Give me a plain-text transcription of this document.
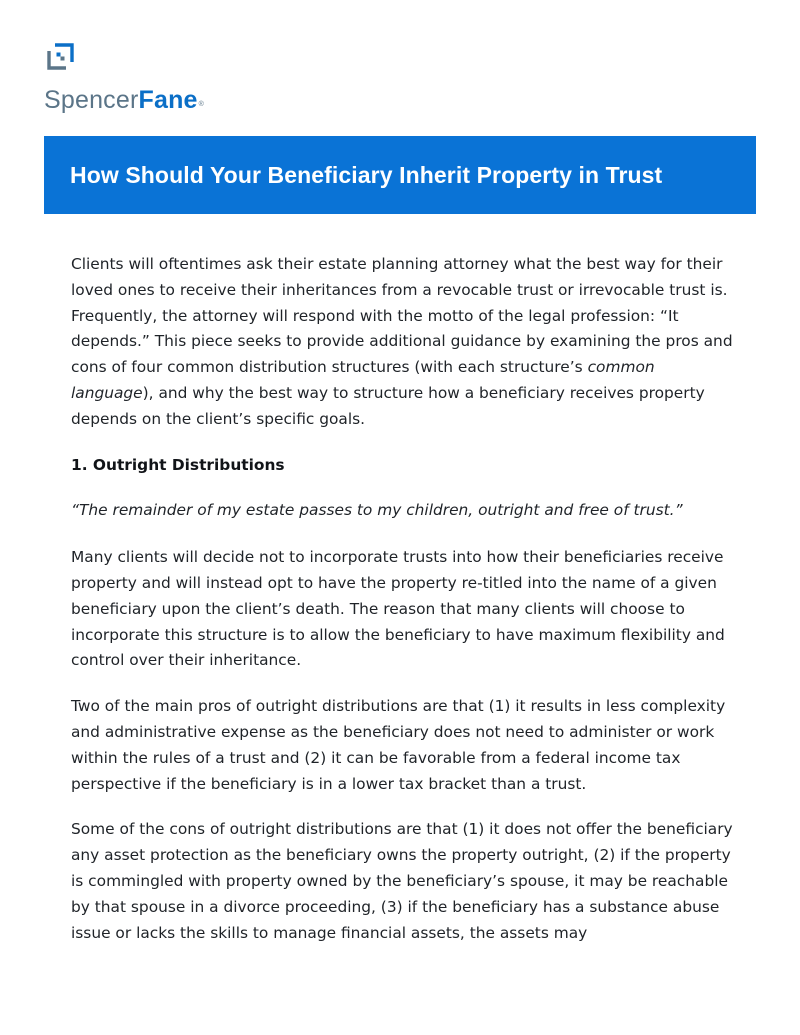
SpencerFane®
How Should Your Beneficiary Inherit Property in Trust

Clients will oftentimes ask their estate planning attorney what the best way for their loved ones to receive their inheritances from a revocable trust or irrevocable trust is. Frequently, the attorney will respond with the motto of the legal profession: “It depends.” This piece seeks to provide additional guidance by examining the pros and cons of four common distribution structures (with each structure’s common language), and why the best way to structure how a beneficiary receives property depends on the client’s specific goals.

1. Outright Distributions

“The remainder of my estate passes to my children, outright and free of trust.”

Many clients will decide not to incorporate trusts into how their beneficiaries receive property and will instead opt to have the property re-titled into the name of a given beneficiary upon the client’s death. The reason that many clients will choose to incorporate this structure is to allow the beneficiary to have maximum flexibility and control over their inheritance.

Two of the main pros of outright distributions are that (1) it results in less complexity and administrative expense as the beneficiary does not need to administer or work within the rules of a trust and (2) it can be favorable from a federal income tax perspective if the beneficiary is in a lower tax bracket than a trust.

Some of the cons of outright distributions are that (1) it does not offer the beneficiary any asset protection as the beneficiary owns the property outright, (2) if the property is commingled with property owned by the beneficiary’s spouse, it may be reachable by that spouse in a divorce proceeding, (3) if the beneficiary has a substance abuse issue or lacks the skills to manage financial assets, the assets may
